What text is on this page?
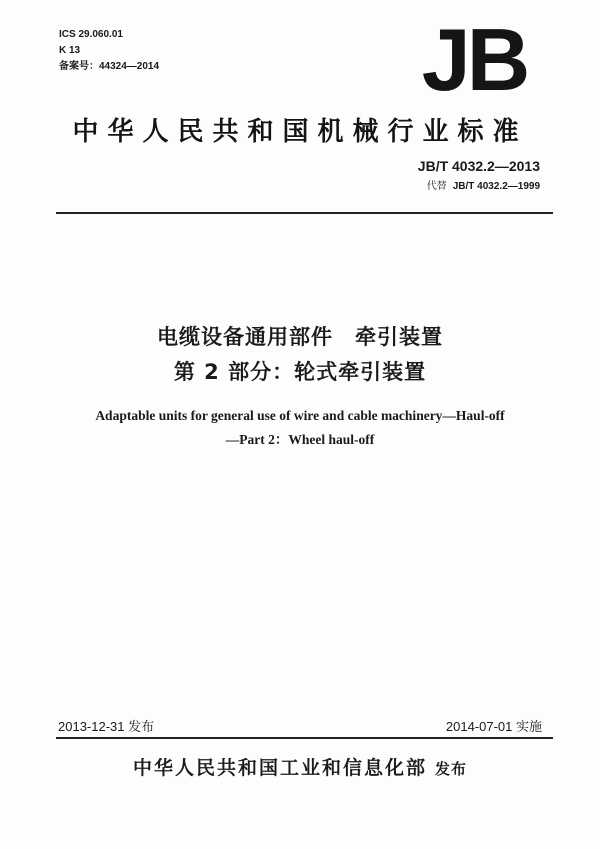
ICS 29.060.01
K 13
备案号：44324—2014	JB
中华人民共和国机械行业标准
JB/T 4032.2—2013
代替 JB/T 4032.2—1999
电缆设备通用部件 牵引装置
第 2 部分：轮式牵引装置
Adaptable units for general use of wire and cable machinery—Haul-off
—Part 2：Wheel haul-off
2013-12-31 发布	2014-07-01 实施
中华人民共和国工业和信息化部 发布
